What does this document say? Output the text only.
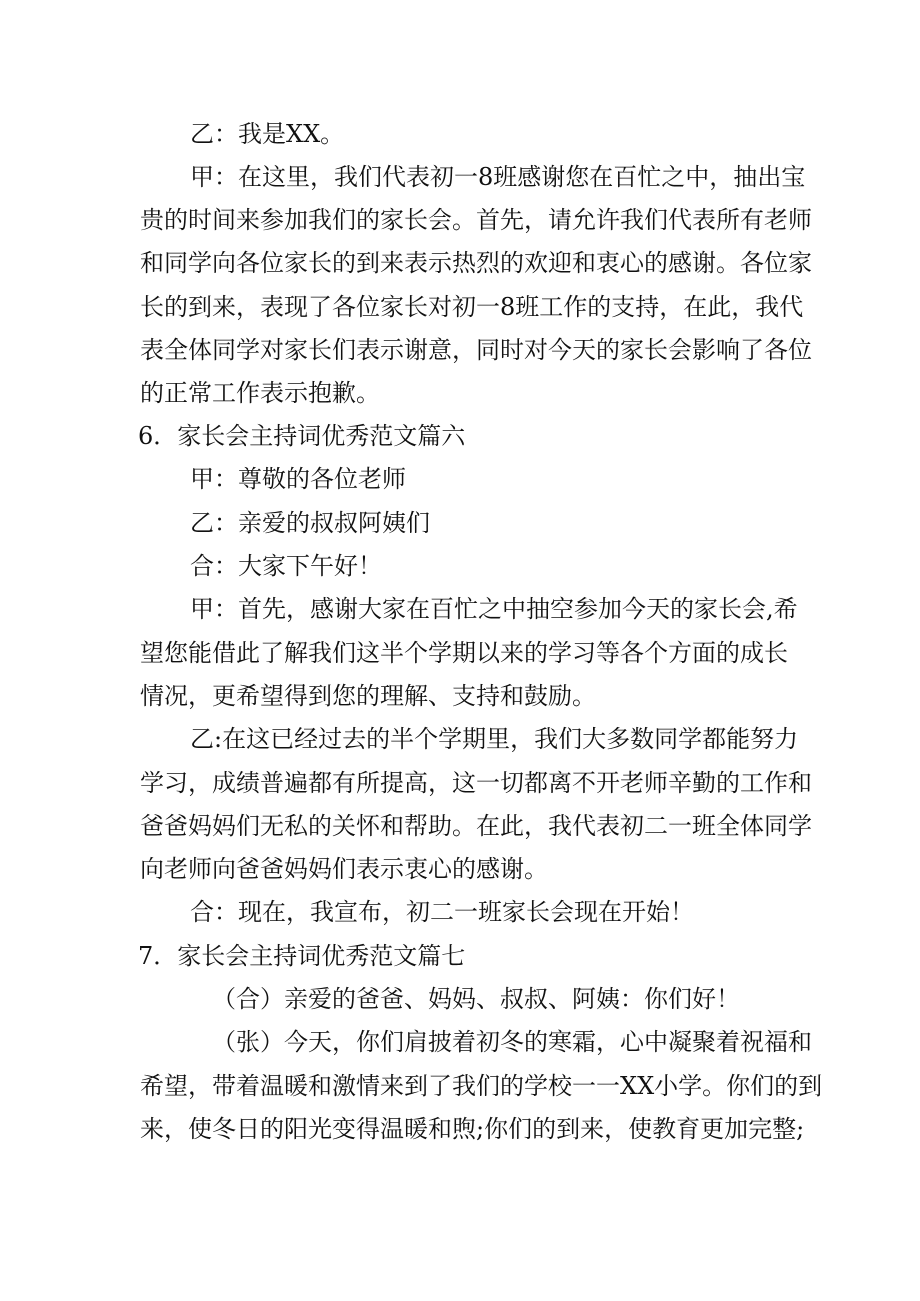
乙：我是XX。
甲：在这里，我们代表初一8班感谢您在百忙之中，抽出宝
贵的时间来参加我们的家长会。首先，请允许我们代表所有老师
和同学向各位家长的到来表示热烈的欢迎和衷心的感谢。各位家
长的到来，表现了各位家长对初一8班工作的支持，在此，我代
表全体同学对家长们表示谢意，同时对今天的家长会影响了各位
的正常工作表示抱歉。
6．家长会主持词优秀范文篇六
甲：尊敬的各位老师
乙：亲爱的叔叔阿姨们
合：大家下午好！
甲：首先，感谢大家在百忙之中抽空参加今天的家长会,希
望您能借此了解我们这半个学期以来的学习等各个方面的成长
情况，更希望得到您的理解、支持和鼓励。
乙:在这已经过去的半个学期里，我们大多数同学都能努力
学习，成绩普遍都有所提高，这一切都离不开老师辛勤的工作和
爸爸妈妈们无私的关怀和帮助。在此，我代表初二一班全体同学
向老师向爸爸妈妈们表示衷心的感谢。
合：现在，我宣布，初二一班家长会现在开始！
7．家长会主持词优秀范文篇七
（合）亲爱的爸爸、妈妈、叔叔、阿姨：你们好！
（张）今天，你们肩披着初冬的寒霜，心中凝聚着祝福和
希望，带着温暖和激情来到了我们的学校一一XX小学。你们的到
来，使冬日的阳光变得温暖和煦;你们的到来，使教育更加完整;
